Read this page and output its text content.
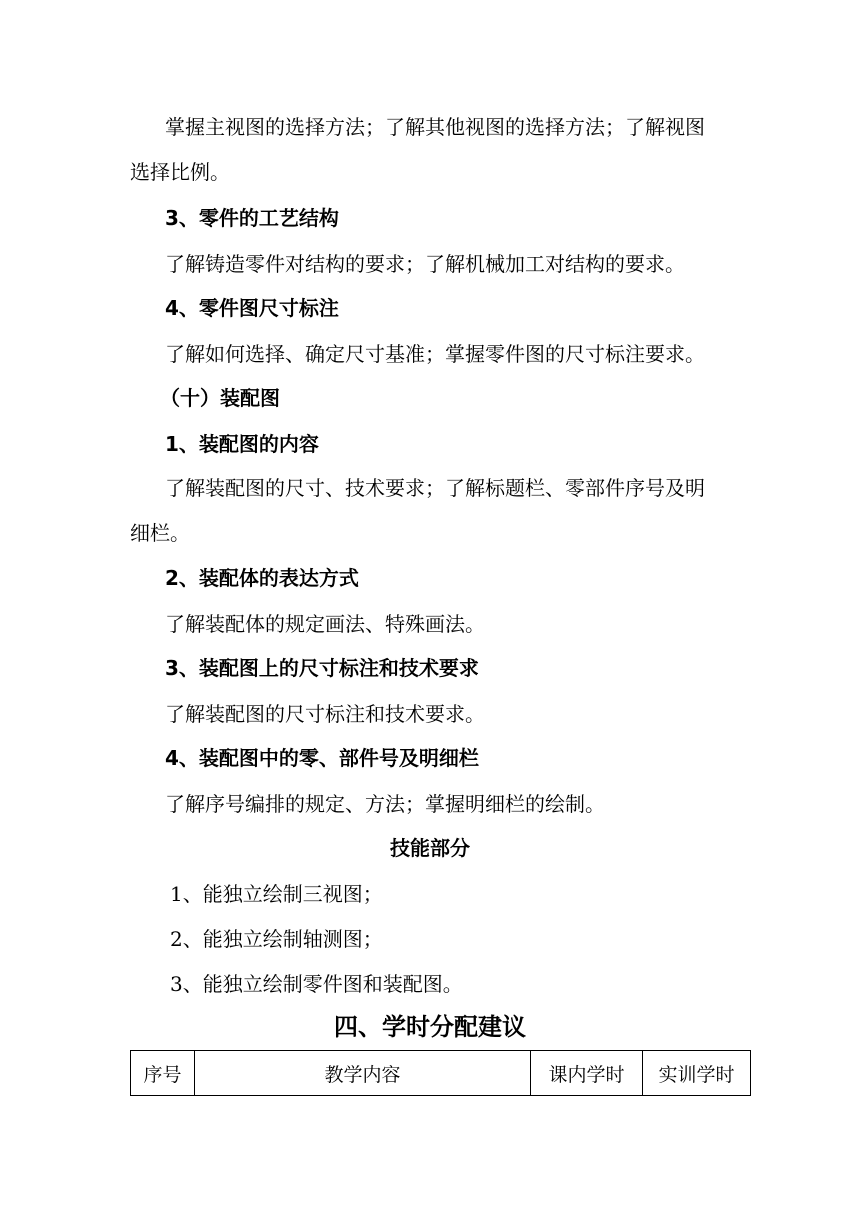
掌握主视图的选择方法；了解其他视图的选择方法；了解视图
选择比例。
3、零件的工艺结构
了解铸造零件对结构的要求；了解机械加工对结构的要求。
4、零件图尺寸标注
了解如何选择、确定尺寸基准；掌握零件图的尺寸标注要求。
（十）装配图
1、装配图的内容
了解装配图的尺寸、技术要求；了解标题栏、零部件序号及明
细栏。
2、装配体的表达方式
了解装配体的规定画法、特殊画法。
3、装配图上的尺寸标注和技术要求
了解装配图的尺寸标注和技术要求。
4、装配图中的零、部件号及明细栏
了解序号编排的规定、方法；掌握明细栏的绘制。
技能部分
1、能独立绘制三视图；
2、能独立绘制轴测图；
3、能独立绘制零件图和装配图。
四、学时分配建议
序号	教学内容	课内学时	实训学时
